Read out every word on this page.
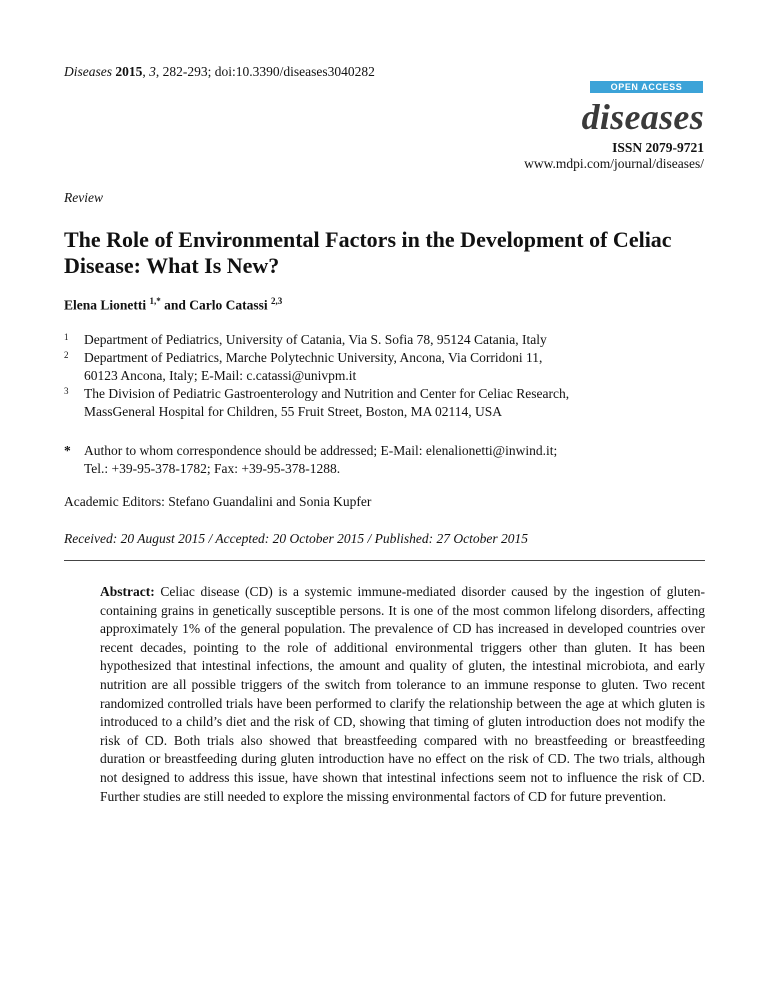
Diseases 2015, 3, 282-293; doi:10.3390/diseases3040282
OPEN ACCESS
diseases
ISSN 2079-9721
www.mdpi.com/journal/diseases/
Review
The Role of Environmental Factors in the Development of Celiac Disease: What Is New?
Elena Lionetti $^{1,*}$ and Carlo Catassi $^{2,3}$
1 Department of Pediatrics, University of Catania, Via S. Sofia 78, 95124 Catania, Italy
2 Department of Pediatrics, Marche Polytechnic University, Ancona, Via Corridoni 11,
60123 Ancona, Italy; E-Mail: c.catassi@univpm.it
3 The Division of Pediatric Gastroenterology and Nutrition and Center for Celiac Research,
MassGeneral Hospital for Children, 55 Fruit Street, Boston, MA 02114, USA
* Author to whom correspondence should be addressed; E-Mail: elenalionetti@inwind.it;
Tel.: +39-95-378-1782; Fax: +39-95-378-1288.
Academic Editors: Stefano Guandalini and Sonia Kupfer
Received: 20 August 2015 / Accepted: 20 October 2015 / Published: 27 October 2015
Abstract: Celiac disease (CD) is a systemic immune-mediated disorder caused by the ingestion of gluten-containing grains in genetically susceptible persons. It is one of the most common lifelong disorders, affecting approximately 1% of the general population. The prevalence of CD has increased in developed countries over recent decades, pointing to the role of additional environmental triggers other than gluten. It has been hypothesized that intestinal infections, the amount and quality of gluten, the intestinal microbiota, and early nutrition are all possible triggers of the switch from tolerance to an immune response to gluten. Two recent randomized controlled trials have been performed to clarify the relationship between the age at which gluten is introduced to a child’s diet and the risk of CD, showing that timing of gluten introduction does not modify the risk of CD. Both trials also showed that breastfeeding compared with no breastfeeding or breastfeeding duration or breastfeeding during gluten introduction have no effect on the risk of CD. The two trials, although not designed to address this issue, have shown that intestinal infections seem not to influence the risk of CD. Further studies are still needed to explore the missing environmental factors of CD for future prevention.
